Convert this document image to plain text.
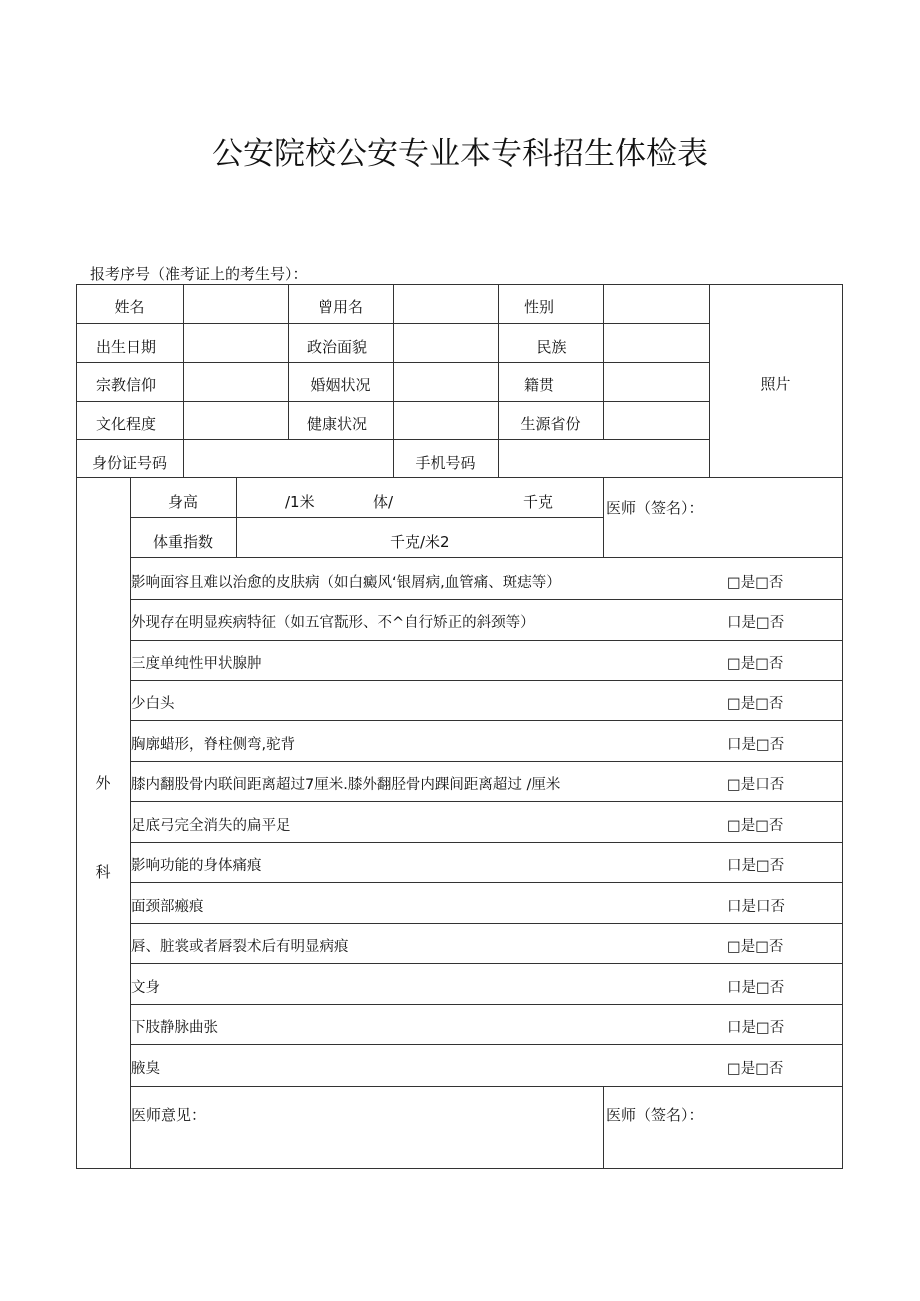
公安院校公安专业本专科招生体检表
报考序号（准考证上的考生号）：
姓名	曾用名	性别
照片
出生日期	政治面貌	民族
宗教信仰	婚姻状况	籍贯
文化程度	健康状况	生源省份
身份证号码	手机号码
外
科
身高	/1米	体/	千克
体重指数	千克/米2
医师（签名）：
影响面容且难以治愈的皮肤病（如白癜风‘银屑病,血管痛、斑痣等）	□是□否
外现存在明显疾病特征（如五官翫形、不^自行矫正的斜颈等）	口是□否
三度单纯性甲状腺肿	□是□否
少白头	□是□否
胸廓蜡形，脊柱侧弯,驼背	口是□否
膝内翻股骨内联间距离超过7厘米.膝外翻胫骨内踝间距离超过 /厘米	□是口否
足底弓完全消失的扁平足	□是□否
影响功能的身体痛痕	口是□否
面颈部瘢痕	口是口否
唇、脏裳或者唇裂术后有明显病痕	□是□否
文身	口是□否
下肢静脉曲张	口是□否
腋臭	□是□否
医师意见：	医师（签名）：
